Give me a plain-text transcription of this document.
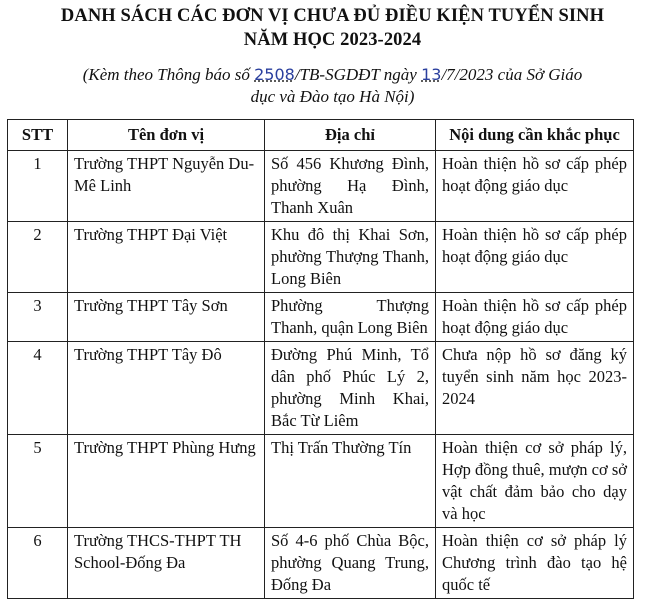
DANH SÁCH CÁC ĐƠN VỊ CHƯA ĐỦ ĐIỀU KIỆN TUYỂN SINH
NĂM HỌC 2023-2024
(Kèm theo Thông báo số 2508/TB-SGDĐT ngày 13/7/2023 của Sở Giáo
dục và Đào tạo Hà Nội)
STT	Tên đơn vị	Địa chỉ	Nội dung cần khắc phục
1	Trường THPT Nguyễn Du-Mê Linh	Số 456 Khương Đình, phường Hạ Đình, Thanh Xuân	Hoàn thiện hồ sơ cấp phép hoạt động giáo dục
2	Trường THPT Đại Việt	Khu đô thị Khai Sơn, phường Thượng Thanh, Long Biên	Hoàn thiện hồ sơ cấp phép hoạt động giáo dục
3	Trường THPT Tây Sơn	Phường Thượng Thanh, quận Long Biên	Hoàn thiện hồ sơ cấp phép hoạt động giáo dục
4	Trường THPT Tây Đô	Đường Phú Minh, Tổ dân phố Phúc Lý 2, phường Minh Khai, Bắc Từ Liêm	Chưa nộp hồ sơ đăng ký tuyển sinh năm học 2023-2024
5	Trường THPT Phùng Hưng	Thị Trấn Thường Tín	Hoàn thiện cơ sở pháp lý, Hợp đồng thuê, mượn cơ sở vật chất đảm bảo cho dạy và học
6	Trường THCS-THPT TH School-Đống Đa	Số 4-6 phố Chùa Bộc, phường Quang Trung, Đống Đa	Hoàn thiện cơ sở pháp lý Chương trình đào tạo hệ quốc tế
